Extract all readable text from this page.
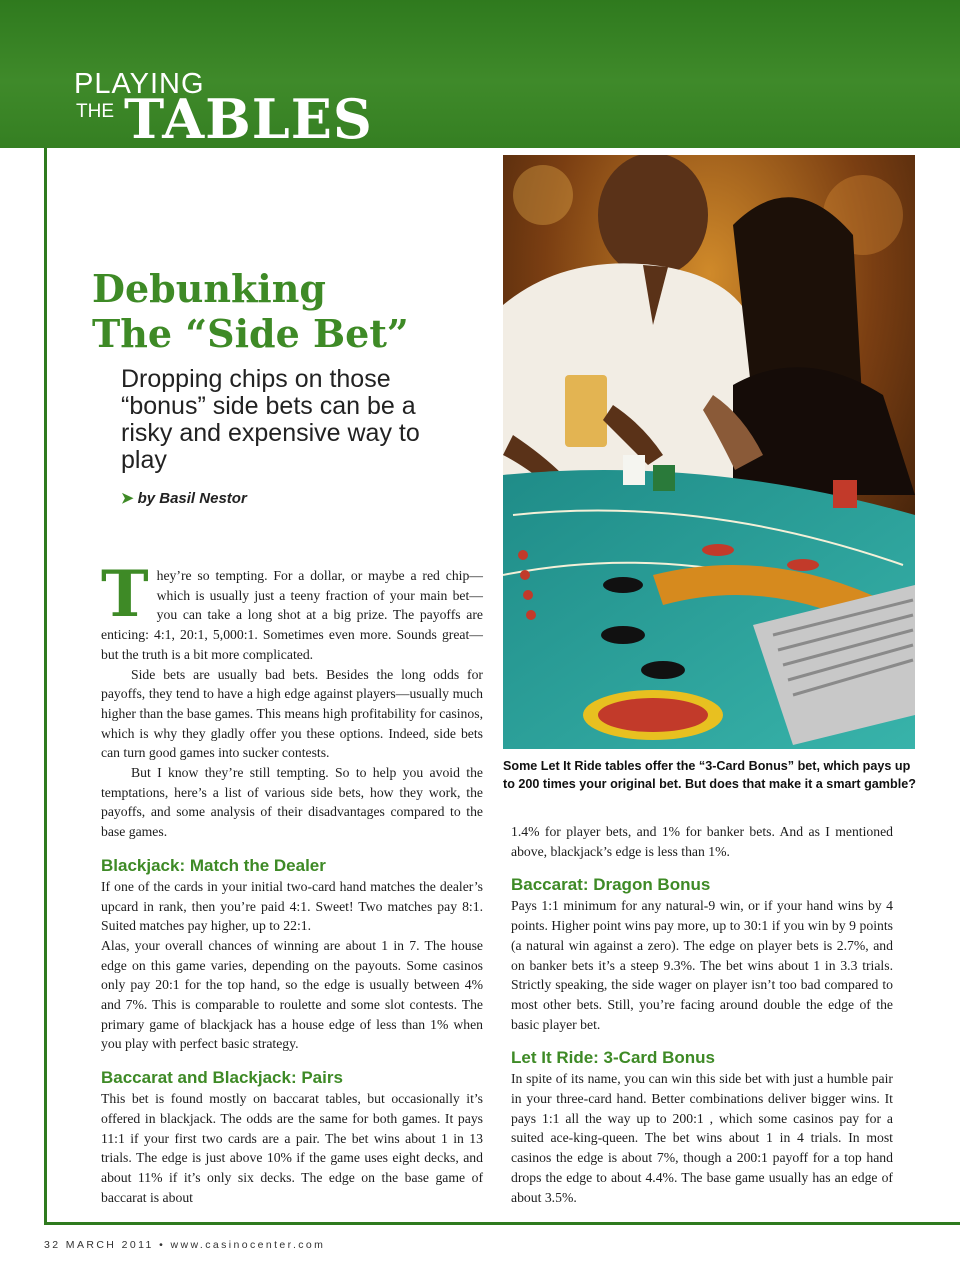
PLAYING
THE TABLES
Debunking
The “Side Bet”
Dropping chips on those “bonus” side bets can be a risky and expensive way to play
➤ by Basil Nestor
Some Let It Ride tables offer the “3-Card Bonus” bet, which pays up to 200 times your original bet. But does that make it a smart gamble?

They’re so tempting. For a dollar, or maybe a red chip—which is usually just a teeny fraction of your main bet—you can take a long shot at a big prize. The payoffs are enticing: 4:1, 20:1, 5,000:1. Sometimes even more. Sounds great—but the truth is a bit more complicated.

Side bets are usually bad bets. Besides the long odds for payoffs, they tend to have a high edge against players—usually much higher than the base games. This means high profitability for casinos, which is why they gladly offer you these options. Indeed, side bets can turn good games into sucker contests.

But I know they’re still tempting. So to help you avoid the temptations, here’s a list of various side bets, how they work, the payoffs, and some analysis of their disadvantages compared to the base games.

Blackjack: Match the Dealer

If one of the cards in your initial two-card hand matches the dealer’s upcard in rank, then you’re paid 4:1. Sweet! Two matches pay 8:1. Suited matches pay higher, up to 22:1.

Alas, your overall chances of winning are about 1 in 7. The house edge on this game varies, depending on the payouts. Some casinos only pay 20:1 for the top hand, so the edge is usually between 4% and 7%. This is comparable to roulette and some slot contests. The primary game of blackjack has a house edge of less than 1% when you play with perfect basic strategy.

Baccarat and Blackjack: Pairs

This bet is found mostly on baccarat tables, but occasionally it’s offered in blackjack. The odds are the same for both games. It pays 11:1 if your first two cards are a pair. The bet wins about 1 in 13 trials. The edge is just above 10% if the game uses eight decks, and about 11% if it’s only six decks. The edge on the base game of baccarat is about

1.4% for player bets, and 1% for banker bets. And as I mentioned above, blackjack’s edge is less than 1%.

Baccarat: Dragon Bonus

Pays 1:1 minimum for any natural-9 win, or if your hand wins by 4 points. Higher point wins pay more, up to 30:1 if you win by 9 points (a natural win against a zero). The edge on player bets is 2.7%, and on banker bets it’s a steep 9.3%. The bet wins about 1 in 3.3 trials. Strictly speaking, the side wager on player isn’t too bad compared to most other bets. Still, you’re facing around double the edge of the basic player bet.

Let It Ride: 3-Card Bonus

In spite of its name, you can win this side bet with just a humble pair in your three-card hand. Better combinations deliver bigger wins. It pays 1:1 all the way up to 200:1 , which some casinos pay for a suited ace-king-queen. The bet wins about 1 in 4 trials. In most casinos the edge is about 7%, though a 200:1 payoff for a top hand drops the edge to about 4.4%. The base game usually has an edge of about 3.5%.

32 MARCH 2011 • www.casinocenter.com
